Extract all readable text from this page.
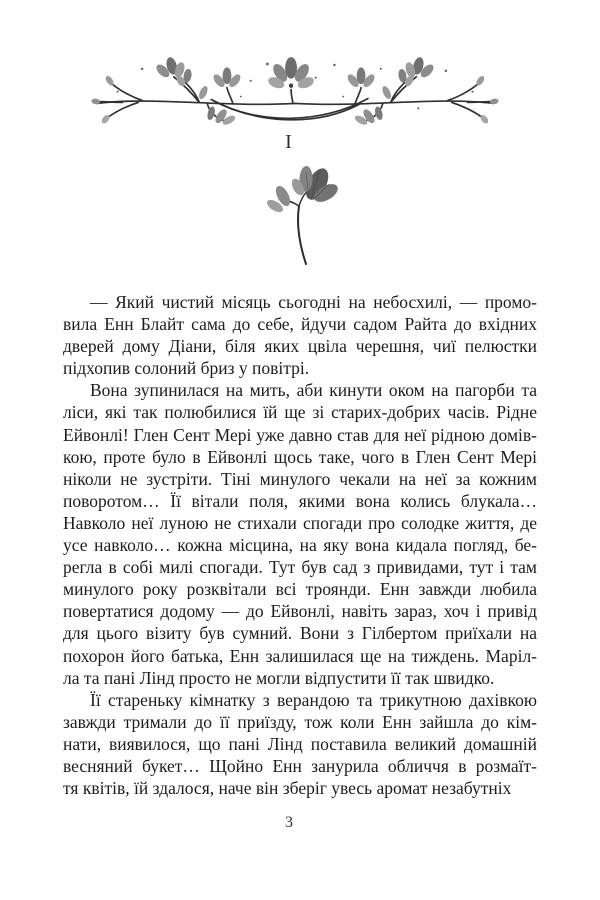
I

— Який чистий місяць сьогодні на небосхилі, — промо-
вила Енн Блайт сама до себе, йдучи садом Райта до вхідних
дверей дому Діани, біля яких цвіла черешня, чиї пелюстки
підхопив солоний бриз у повітрі.

Вона зупинилася на мить, аби кинути оком на пагорби та
ліси, які так полюбилися їй ще зі старих-добрих часів. Рідне
Ейвонлі! Глен Сент Мері уже давно став для неї рідною домів-
кою, проте було в Ейвонлі щось таке, чого в Глен Сент Мері
ніколи не зустріти. Тіні минулого чекали на неї за кожним
поворотом… Її вітали поля, якими вона колись блукала…
Навколо неї луною не стихали спогади про солодке життя, де
усе навколо… кожна місцина, на яку вона кидала погляд, бе-
регла в собі милі спогади. Тут був сад з привидами, тут і там
минулого року розквітали всі троянди. Енн завжди любила
повертатися додому — до Ейвонлі, навіть зараз, хоч і привід
для цього візиту був сумний. Вони з Гілбертом приїхали на
похорон його батька, Енн залишилася ще на тиждень. Маріл-
ла та пані Лінд просто не могли відпустити її так швидко.

Її стареньку кімнатку з верандою та трикутною дахівкою
завжди тримали до її приїзду, тож коли Енн зайшла до кім-
нати, виявилося, що пані Лінд поставила великий домашній
весняний букет… Щойно Енн занурила обличчя в розмаїт-
тя квітів, їй здалося, наче він зберіг увесь аромат незабутніх

3
